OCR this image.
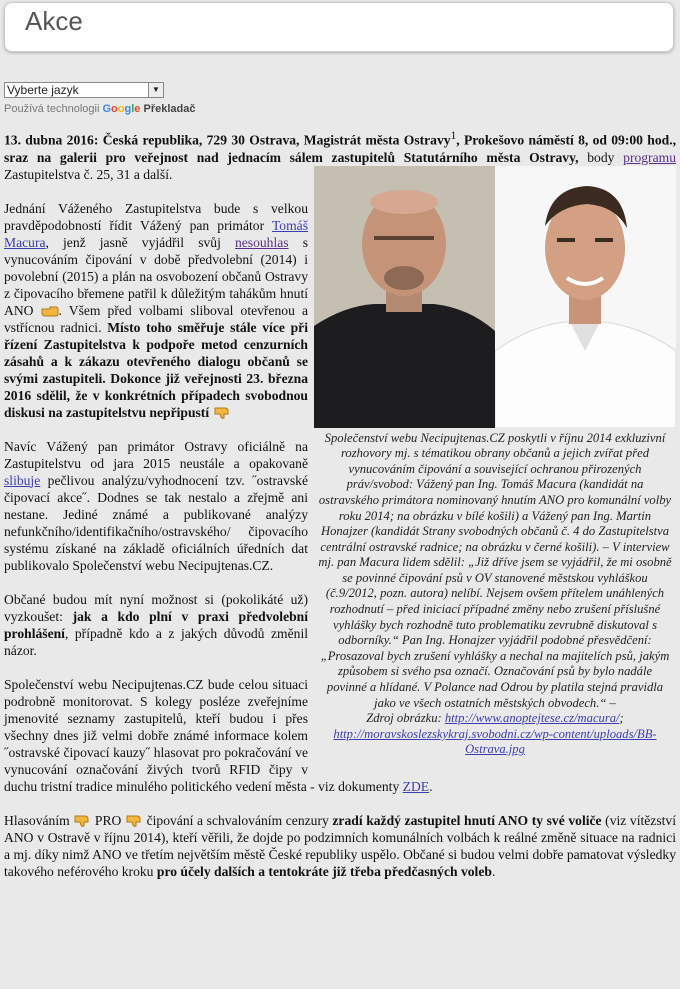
Akce
Vyberte jazyk	▼
Používá technologii Google Překladač

13. dubna 2016: Česká republika, 729 30 Ostrava, Magistrát města Ostravy$^1$, Prokešovo náměstí 8, od 09:00 hod., sraz na galerii pro veřejnost nad jednacím sálem zastupitelů Statutárního města Ostravy,
Společenství webu Necipujtenas.CZ poskytli v říjnu 2014 exkluzivní rozhovory mj. s tématikou obrany občanů a jejich zvířat před vynucováním čipování a související ochranou přirozených práv/svobod: Vážený pan Ing. Tomáš Macura (kandidát na ostravského primátora nominovaný hnutím ANO pro komunální volby roku 2014; na obrázku v bílé košili) a Vážený pan Ing. Martin Honajzer (kandidát Strany svobodných občanů č. 4 do Zastupitelstva centrální ostravské radnice; na obrázku v černé košili). – V interview mj. pan Macura lidem sdělil: „Již dříve jsem se vyjádřil, že mi osobně se povinné čipování psů v OV stanovené městskou vyhláškou (č.9/2012, pozn. autora) nelíbí. Nejsem ovšem přítelem unáhlených rozhodnutí – před iniciací případné změny nebo zrušení příslušné vyhlášky bych rozhodně tuto problematiku zevrubně diskutoval s odborníky.“ Pan Ing. Honajzer vyjádřil podobné přesvědčení: „Prosazoval bych zrušení vyhlášky a nechal na majitelích psů, jakým způsobem si svého psa označí. Označování psů by bylo nadále povinné a hlídané. V Polance nad Odrou by platila stejná pravidla jako ve všech ostatních městských obvodech.“ –
Zdroj obrázku: http://www.anoptejtese.cz/macura/; http://moravskoslezskykraj.svobodni.cz/wp-content/uploads/BB-Ostrava.jpg
body programu Zastupitelstva č. 25, 31 a další.

Jednání Váženého Zastupitelstva bude s velkou pravděpodobností řídit Vážený pan primátor Tomáš Macura, jenž jasně vyjádřil svůj nesouhlas s vynucováním čipování v době předvolební (2014) i povolební (2015) a plán na osvobození občanů Ostravy z čipovacího břemene patřil k důležitým tahákům hnutí ANO . Všem před volbami sliboval otevřenou a vstřícnou radnici. Místo toho směřuje stále více při řízení Zastupitelstva k podpoře metod cenzurních zásahů a k zákazu otevřeného dialogu občanů se svými zastupiteli. Dokonce již veřejnosti 23. března 2016 sdělil, že v konkrétních případech svobodnou diskusi na zastupitelstvu nepřipustí

Navíc Vážený pan primátor Ostravy oficiálně na Zastupitelstvu od jara 2015 neustále a opakovaně slibuje pečlivou analýzu/vyhodnocení tzv. ˝ostravské čipovací akce˝. Dodnes se tak nestalo a zřejmě ani nestane. Jediné známé a publikované analýzy nefunkčního/identifikačního/ostravského/ čipovacího systému získané na základě oficiálních úředních dat publikovalo Společenství webu Necipujtenas.CZ.

Občané budou mít nyní možnost si (pokolikáté už) vyzkoušet: jak a kdo plní v praxi předvolební prohlášení, případně kdo a z jakých důvodů změnil názor.

Společenství webu Necipujtenas.CZ bude celou situaci podrobně monitorovat. S kolegy posléze zveřejníme jmenovité seznamy zastupitelů, kteří budou i přes všechny dnes již velmi dobře známé informace kolem ˝ostravské čipovací kauzy˝ hlasovat pro pokračování ve vynucování označování živých tvorů RFID čipy v duchu tristní tradice minulého politického vedení města - viz dokumenty ZDE.

Hlasováním  PRO  čipování a schvalováním cenzury zradí každý zastupitel hnutí ANO ty své voliče (viz vítězství ANO v Ostravě v říjnu 2014), kteří věřili, že dojde po podzimních komunálních volbách k reálné změně situace na radnici a mj. díky nimž ANO ve třetím největším městě České republiky uspělo. Občané si budou velmi dobře pamatovat výsledky takového neférového kroku pro účely dalších a tentokráte již třeba předčasných voleb.
